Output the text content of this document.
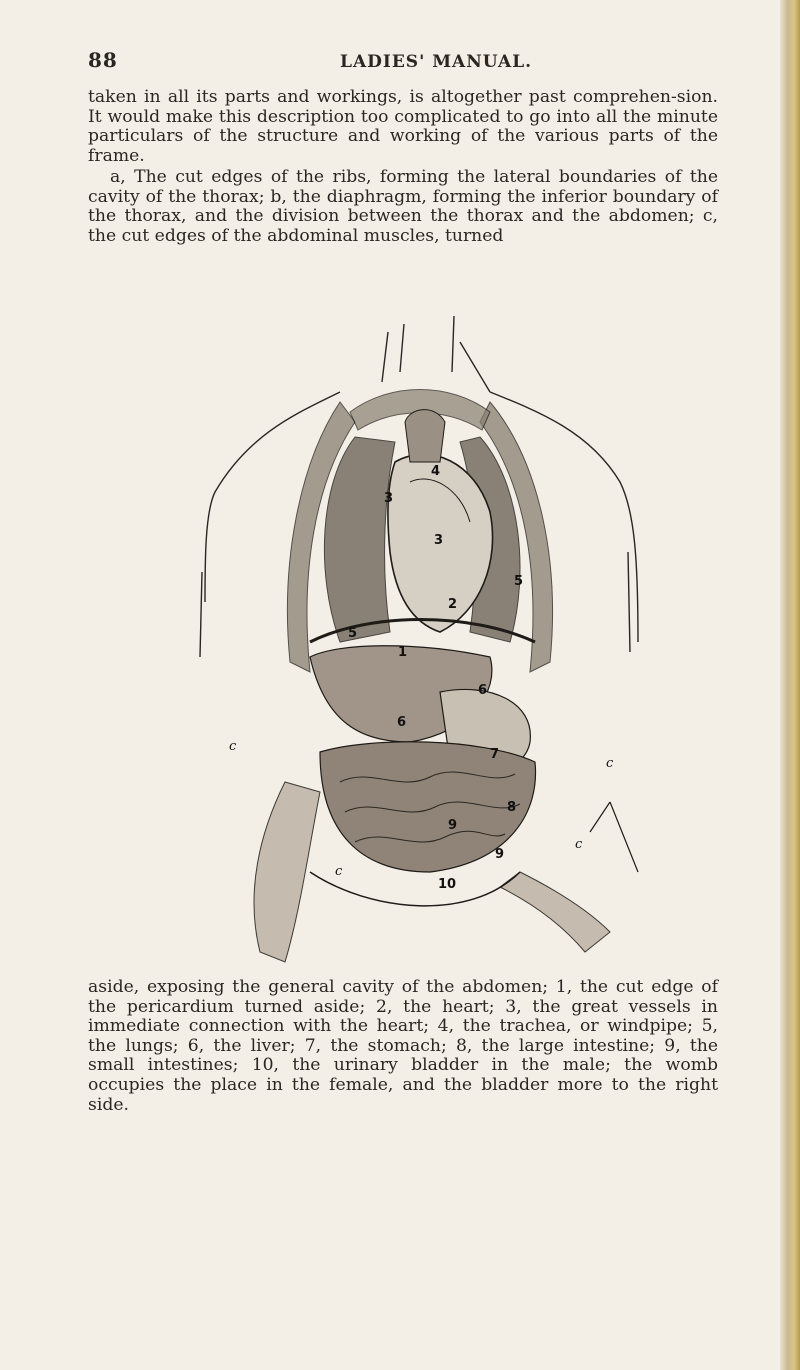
88	LADIES' MANUAL.

taken in all its parts and workings, is altogether past comprehen-sion. It would make this description too complicated to go into all the minute particulars of the structure and working of the various parts of the frame.

a, The cut edges of the ribs, forming the lateral boundaries of the cavity of the thorax; b, the diaphragm, forming the inferior boundary of the thorax, and the division between the thorax and the abdomen; c, the cut edges of the abdominal muscles, turned

4
3
3
5
5
2
1
6
6
7
9
8
9
10
c
c
c
c

aside, exposing the general cavity of the abdomen; 1, the cut edge of the pericardium turned aside; 2, the heart; 3, the great vessels in immediate connection with the heart; 4, the trachea, or windpipe; 5, the lungs; 6, the liver; 7, the stomach; 8, the large intestine; 9, the small intestines; 10, the urinary bladder in the male; the womb occupies the place in the female, and the bladder more to the right side.
